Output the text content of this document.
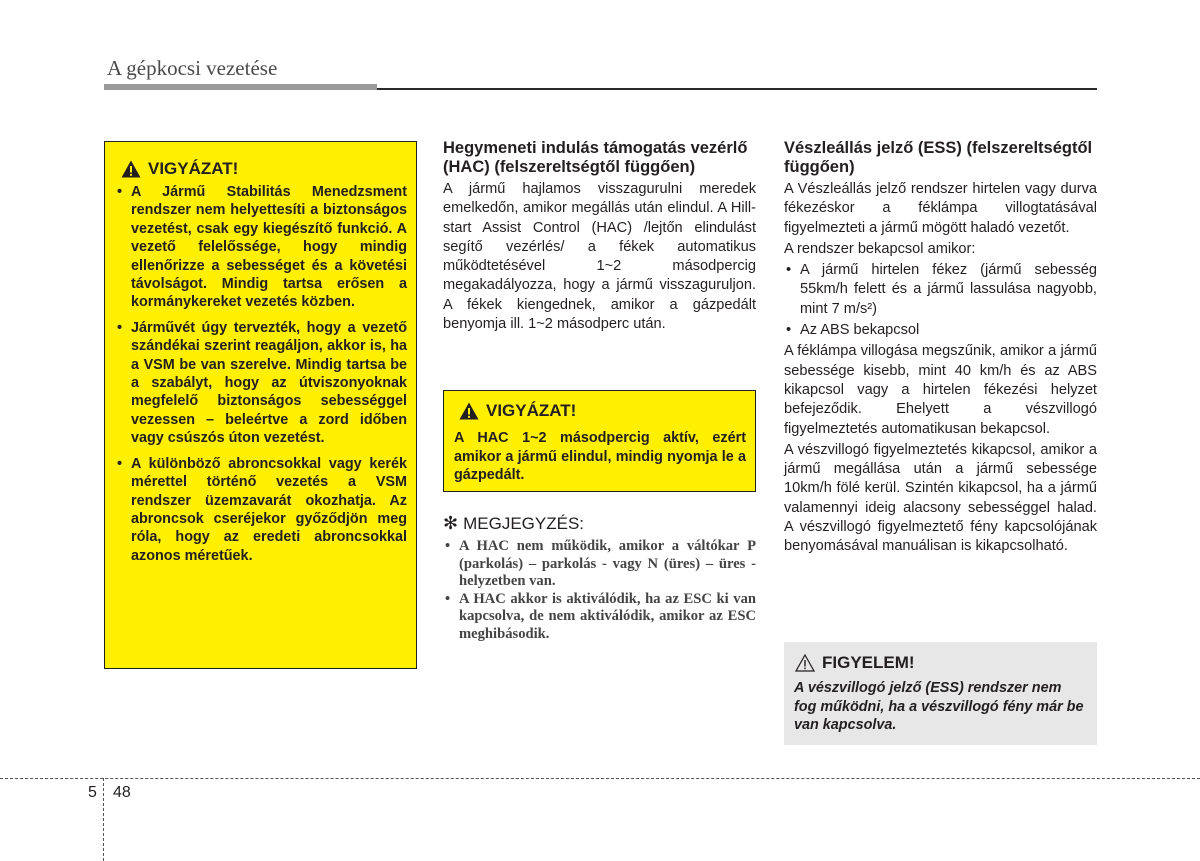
A gépkocsi vezetése
VIGYÁZAT!
• A Jármű Stabilitás Menedzsment rendszer nem helyettesíti a biztonságos vezetést, csak egy kiegészítő funkció. A vezető felelőssége, hogy mindig ellenőrizze a sebességet és a követési távolságot. Mindig tartsa erősen a kormánykereket vezetés közben.
• Járművét úgy tervezték, hogy a vezető szándékai szerint reagáljon, akkor is, ha a VSM be van szerelve. Mindig tartsa be a szabályt, hogy az útviszonyoknak megfelelő biztonságos sebességgel vezessen – beleértve a zord időben vagy csúszós úton vezetést.
• A különböző abroncsokkal vagy kerék mérettel történő vezetés a VSM rendszer üzemzavarát okozhatja. Az abroncsok cseréjekor győződjön meg róla, hogy az eredeti abroncsokkal azonos méretűek.
Hegymeneti indulás támogatás vezérlő (HAC) (felszereltségtől függően)

A jármű hajlamos visszagurulni meredek emelkedőn, amikor megállás után elindul. A Hill-start Assist Control (HAC) /lejtőn elindulást segítő vezérlés/ a fékek automatikus működtetésével 1~2 másodpercig megakadályozza, hogy a jármű visszaguruljon. A fékek kiengednek, amikor a gázpedált benyomja ill. 1~2 másodperc után.

VIGYÁZAT!
A HAC 1~2 másodpercig aktív, ezért amikor a jármű elindul, mindig nyomja le a gázpedált.
✻ MEGJEGYZÉS:
• A HAC nem működik, amikor a váltókar P (parkolás) – parkolás - vagy N (üres) – üres -helyzetben van.
• A HAC akkor is aktiválódik, ha az ESC ki van kapcsolva, de nem aktiválódik, amikor az ESC meghibásodik.
Vészleállás jelző (ESS) (felszereltségtől függően)

A Vészleállás jelző rendszer hirtelen vagy durva fékezéskor a féklámpa villogtatásával figyelmezteti a jármű mögött haladó vezetőt.

A rendszer bekapcsol amikor:

• A jármű hirtelen fékez (jármű sebesség 55km/h felett és a jármű lassulása nagyobb, mint 7 m/s²)
• Az ABS bekapcsol

A féklámpa villogása megszűnik, amikor a jármű sebessége kisebb, mint 40 km/h és az ABS kikapcsol vagy a hirtelen fékezési helyzet befejeződik. Ehelyett a vészvillogó figyelmeztetés automatikusan bekapcsol.

A vészvillogó figyelmeztetés kikapcsol, amikor a jármű megállása után a jármű sebessége 10km/h fölé kerül. Szintén kikapcsol, ha a jármű valamennyi ideig alacsony sebességgel halad. A vészvillogó figyelmeztető fény kapcsolójának benyomásával manuálisan is kikapcsolható.

FIGYELEM!
A vészvillogó jelző (ESS) rendszer nem fog működni, ha a vészvillogó fény már be van kapcsolva.
5 48
